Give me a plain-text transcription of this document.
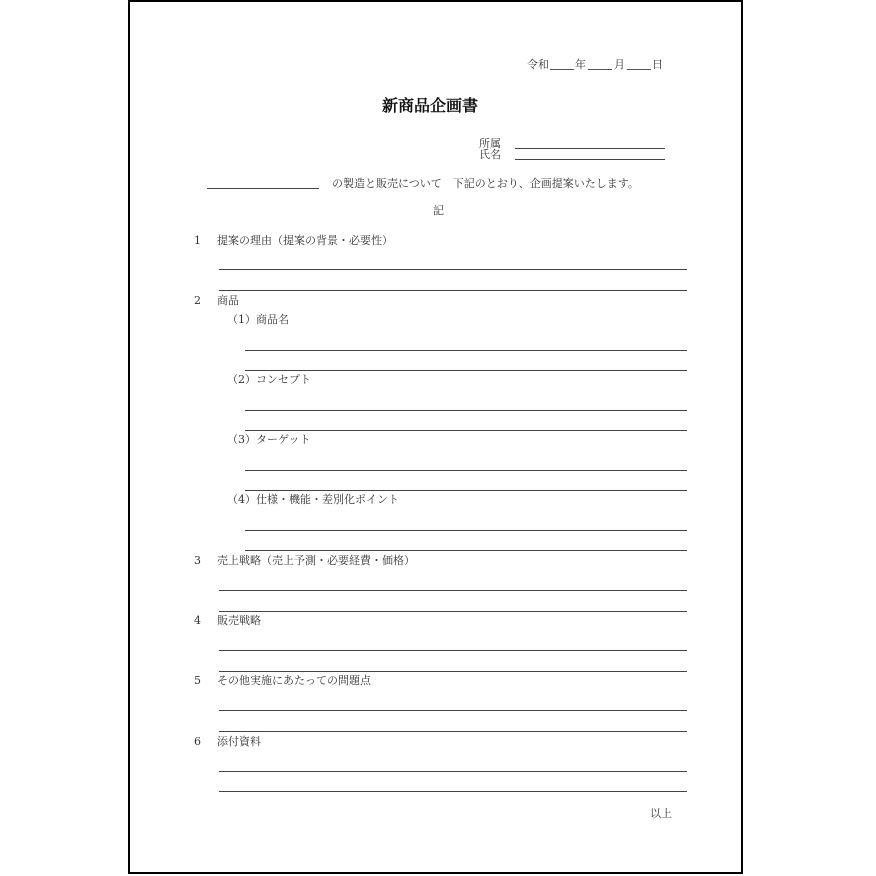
令和 年	月 日
新商品企画書
所属
氏名
の製造と販売について　下記のとおり、企画提案いたします。
記
1 提案の理由（提案の背景・必要性）
2 商品
（1）商品名
（2）コンセプト
（3）ターゲット
（4）仕様・機能・差別化ポイント
3 売上戦略（売上予測・必要経費・価格）
4 販売戦略
5 その他実施にあたっての問題点
6 添付資料
以上
